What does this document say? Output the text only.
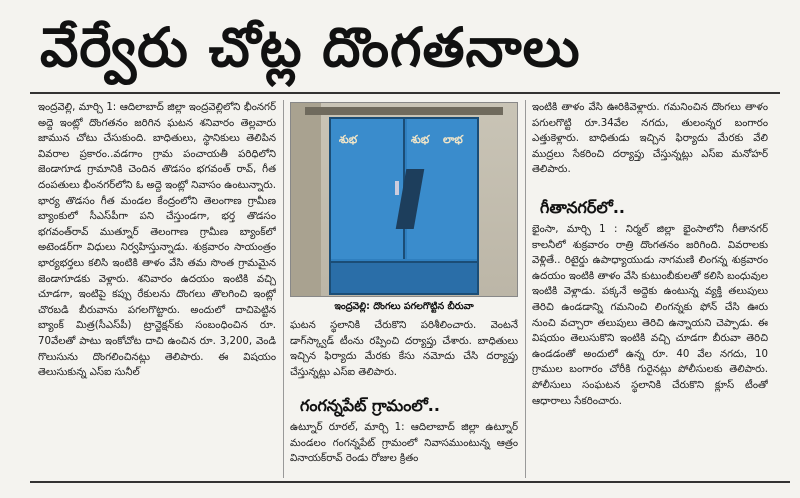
వేర్వేరు చోట్ల దొంగతనాలు
ఇంద్రవెల్లి, మార్చి 1: ఆదిలాబాద్ జిల్లా ఇంద్రవెల్లిలోని భీంనగర్ అద్దె ఇంట్లో దొంగతనం జరిగిన ఘటన శనివారం తెల్లవారు జామున చోటు చేసుకుంది. బాధితులు, స్థానికులు తెలిపిన వివరాల ప్రకారం..వడగాం గ్రామ పంచాయతీ పరిధిలోని జెండాగూడ గ్రామానికి చెందిన తొడసం భగవంత్ రావ్, గీత దంపతులు భీంనగర్‌లోని ఓ అద్దె ఇంట్లో నివాసం ఉంటున్నారు. భార్య తొడసం గీత మండల కేంద్రంలోని తెలంగాణ గ్రామీణ బ్యాంకులో సీఎస్‌పీగా పని చేస్తుండగా, భర్త తొడసం భగవంత్‌రావ్ ముత్నూర్ తెలంగాణ గ్రామీణ బ్యాంక్‌లో అటెండర్‌గా విధులు నిర్వహిస్తున్నాడు. శుక్రవారం సాయంత్రం భార్యభర్తలు కలిసి ఇంటికి తాళం వేసి తమ సొంత గ్రామమైన జెండాగూడకు వెళ్లారు. శనివారం ఉదయం ఇంటికి వచ్చి చూడగా, ఇంటిపై కప్పు రేకులను దొంగలు తొలగించి ఇంట్లో చొరబడి బీరువాను పగలగొట్టారు. అందులో దాచిపెట్టిన బ్యాంక్ మిత్ర(సీఎస్‌పీ) ట్రాన్జెక్షన్‌కు సంబంధించిన రూ. 70వేలతో పాటు ఇంకోచోట దాచి ఉంచిన రూ. 3,200, వెండి గొలుసును దొంగలించినట్లు తెలిపారు. ఈ విషయం తెలుసుకున్న ఎస్‌ఐ సునీల్
శుభ	శుభ లాభ
ఇంద్రవెల్లి: దొంగలు పగలగొట్టిన బీరువా
ఘటన స్థలానికి చేరుకొని పరిశీలించారు. వెంటనే డాగ్‌స్క్వాడ్ టీంను రప్పించి దర్యాప్తు చేశారు. బాధితులు ఇచ్చిన ఫిర్యాదు మేరకు కేసు నమోదు చేసి దర్యాప్తు చేస్తున్నట్లు ఎస్‌ఐ తెలిపారు.
గంగన్నపేట్ గ్రామంలో..
ఉట్నూర్ రూరల్, మార్చి 1: ఆదిలాబాద్ జిల్లా ఉట్నూర్ మండలం గంగన్నపేట్ గ్రామంలో నివాసముంటున్న ఆత్రం వినాయక్‌రావ్ రెండు రోజుల క్రితం
ఇంటికి తాళం వేసి ఊరికివెళ్లారు. గమనించిన దొంగలు తాళం పగులగొట్టి రూ.34వేల నగదు, తులంన్నర బంగారం ఎత్తుకెళ్లారు. బాధితుడు ఇచ్చిన ఫిర్యాదు మేరకు వేలి ముద్రలు సేకరించి దర్యాప్తు చేస్తున్నట్లు ఎస్‌ఐ మనోహర్ తెలిపారు.
గీతానగర్‌లో..
భైంసా, మార్చి 1 : నిర్మల్ జిల్లా భైంసాలోని గీతానగర్ కాలనీలో శుక్రవారం రాత్రి దొంగతనం జరిగింది. వివరాలకు వెళ్లితే.. రిటైర్డు ఉపాధ్యాయుడు నాగమణి లింగన్న శుక్రవారం ఉదయం ఇంటికి తాళం వేసి కుటుంబీకులతో కలిసి బంధువుల ఇంటికి వెళ్లాడు. పక్కనే అద్దెకు ఉంటున్న వ్యక్తి తలుపులు తెరిచి ఉండడాన్ని గమనించి లింగన్నకు ఫోన్ చేసి ఊరు నుంచి వచ్చారా తలుపులు తెరిచి ఉన్నాయని చెప్పాడు. ఈ విషయం తెలుసుకొని ఇంటికి వచ్చి చూడగా బీరువా తెరిచి ఉండడంతో అందులో ఉన్న రూ. 40 వేల నగదు, 10 గ్రాముల బంగారం చోరీకి గురైనట్లు పోలీసులకు తెలిపారు. పోలీసులు సంఘటన స్థలానికి చేరుకొని క్లూస్ టీంతో ఆధారాలు సేకరించారు.
